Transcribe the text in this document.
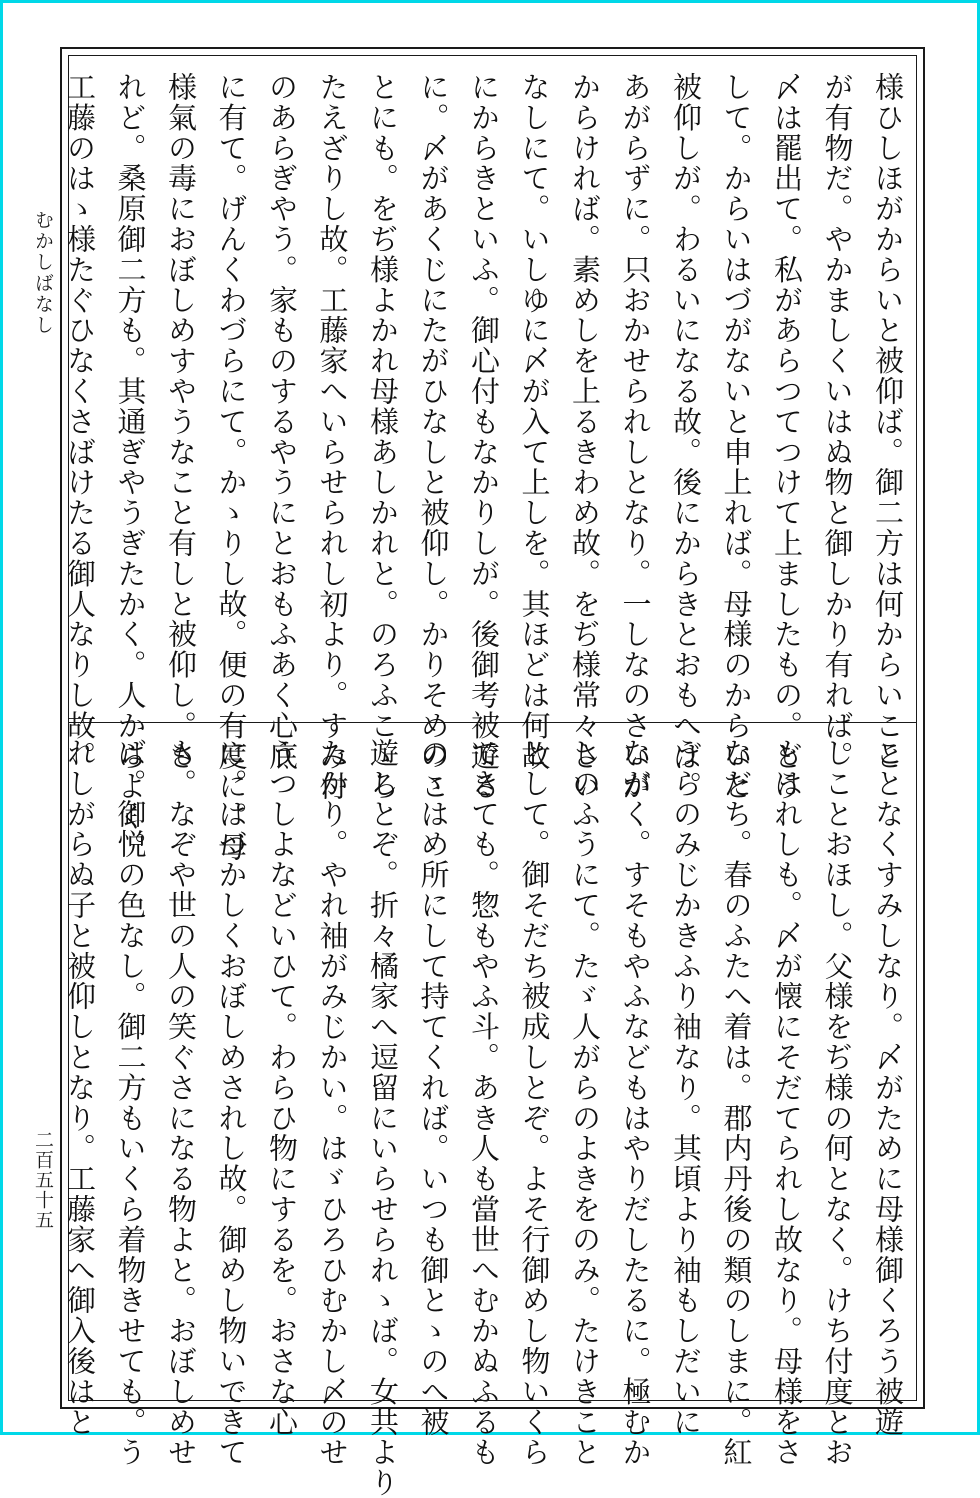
むかしばなし
二百五十五
様ひしほがからいと被仰ば。御二方は何からいこと
が有物だ。やかましくいはぬ物と御しかり有れば。
〆は罷出て。私があらつてつけて上ましたもの。どう
して。からいはづがないと申上れば。母様のからいと
被仰しが。わるいになる故。後にからきとおもへば。
あがらずに。只おかせられしとなり。一しなのさいが
からければ。素めしを上るきわめ故。をぢ様常々さい
なしにて。いしゆに〆が入て上しを。其ほどは何故
にからきといふ。御心付もなかりしが。後御考被遊る
に。〆があくじにたがひなしと被仰し。かりそめのこ
とにも。をぢ様よかれ母様あしかれと。のろふこゝろ
たえざりし故。工藤家へいらせられし初より。すみ付
のあらぎやう。家ものするやうにとおもふあく心底
に有て。げんくわづらにて。かゝりし故。便の有度に。母
様氣の毒におぼしめすやうなこと有しと被仰し。さ
れど。桑原御二方も。其通ぎやうぎたかく。人からよく。
工藤のはゝ様たぐひなくさばけたる御人なりし故。
ことなくすみしなり。〆がために母様御くろう被遊
しことおほし。父様をぢ様の何となく。けち付度とお
もはれしも。〆が懐にそだてられし故なり。母様をさ
なだち。春のふたへ着は。郡内丹後の類のしまに。紅
うらのみじかきふり袖なり。其頃より袖もしだいに
ながく。すそもやふなどもはやりだしたるに。極むか
しのふうにて。たゞ人がらのよきをのみ。たけきこと
として。御そだち被成しとぞ。よそ行御めし物いくら
できても。惣もやふ斗。あき人も當世へむかぬふるも
のゝはめ所にして持てくれば。いつも御とゝのへ被
遊しとぞ。折々橘家へ逗留にいらせられゝば。女共より
たかり。やれ袖がみじかい。はゞひろひむかし〆のせ
うつしよなどいひて。わらひ物にするを。おさな心
に。はづかしくおぼしめされし故。御めし物いできて
も。なぞや世の人の笑ぐさになる物よと。おぼしめせ
ば。御悦の色なし。御二方もいくら着物きせても。う
れしがらぬ子と被仰しとなり。工藤家へ御入後はと
